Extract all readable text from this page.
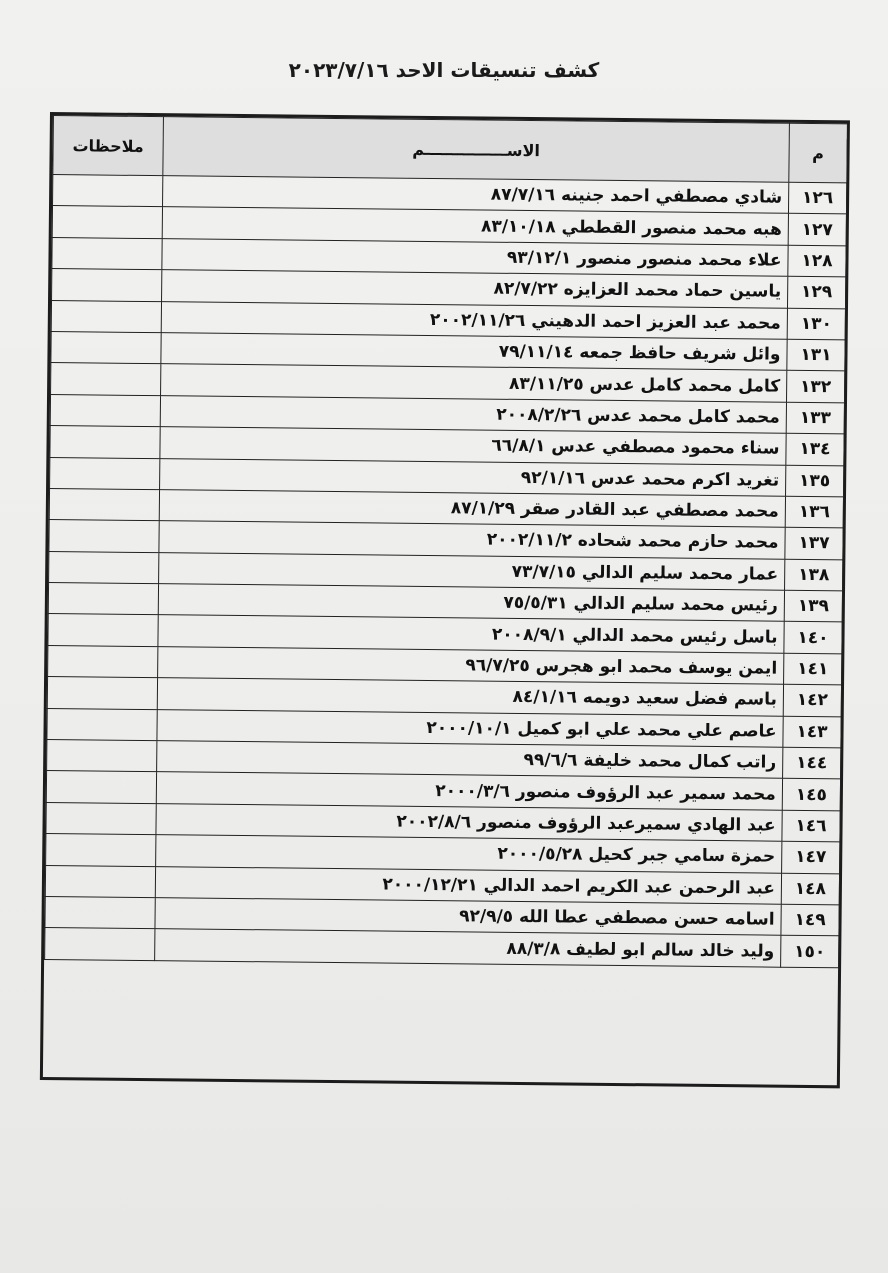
كشف تنسيقات الاحد ٢٠٢٣/٧/١٦
م	الاســـــــــــــــم	ملاحظات
١٢٦	شادي مصطفي احمد جنينه ٨٧/٧/١٦	
١٢٧	هبه محمد منصور القططي ٨٣/١٠/١٨	
١٢٨	علاء محمد منصور منصور ٩٣/١٢/١	
١٢٩	ياسين حماد محمد العزايزه ٨٢/٧/٢٢	
١٣٠	محمد عبد العزيز احمد الدهيني ٢٠٠٢/١١/٢٦	
١٣١	وائل شريف حافظ جمعه ٧٩/١١/١٤	
١٣٢	كامل محمد كامل عدس ٨٣/١١/٢٥	
١٣٣	محمد كامل محمد عدس ٢٠٠٨/٢/٢٦	
١٣٤	سناء محمود مصطفي عدس ٦٦/٨/١	
١٣٥	تغريد اكرم محمد عدس ٩٢/١/١٦	
١٣٦	محمد مصطفي عبد القادر صقر ٨٧/١/٢٩	
١٣٧	محمد حازم محمد شحاده ٢٠٠٢/١١/٢	
١٣٨	عمار محمد سليم الدالي ٧٣/٧/١٥	
١٣٩	رئيس محمد سليم الدالي ٧٥/٥/٣١	
١٤٠	باسل رئيس محمد الدالي ٢٠٠٨/٩/١	
١٤١	ايمن يوسف محمد ابو هجرس ٩٦/٧/٢٥	
١٤٢	باسم فضل سعيد دويمه ٨٤/١/١٦	
١٤٣	عاصم علي محمد علي ابو كميل ٢٠٠٠/١٠/١	
١٤٤	راتب كمال محمد خليفة ٩٩/٦/٦	
١٤٥	محمد سمير عبد الرؤوف منصور ٢٠٠٠/٣/٦	
١٤٦	عبد الهادي سميرعبد الرؤوف منصور ٢٠٠٢/٨/٦	
١٤٧	حمزة سامي جبر كحيل ٢٠٠٠/٥/٢٨	
١٤٨	عبد الرحمن عبد الكريم احمد الدالي ٢٠٠٠/١٢/٢١	
١٤٩	اسامه حسن مصطفي عطا الله ٩٢/٩/٥	
١٥٠	وليد خالد سالم ابو لطيف ٨٨/٣/٨	
